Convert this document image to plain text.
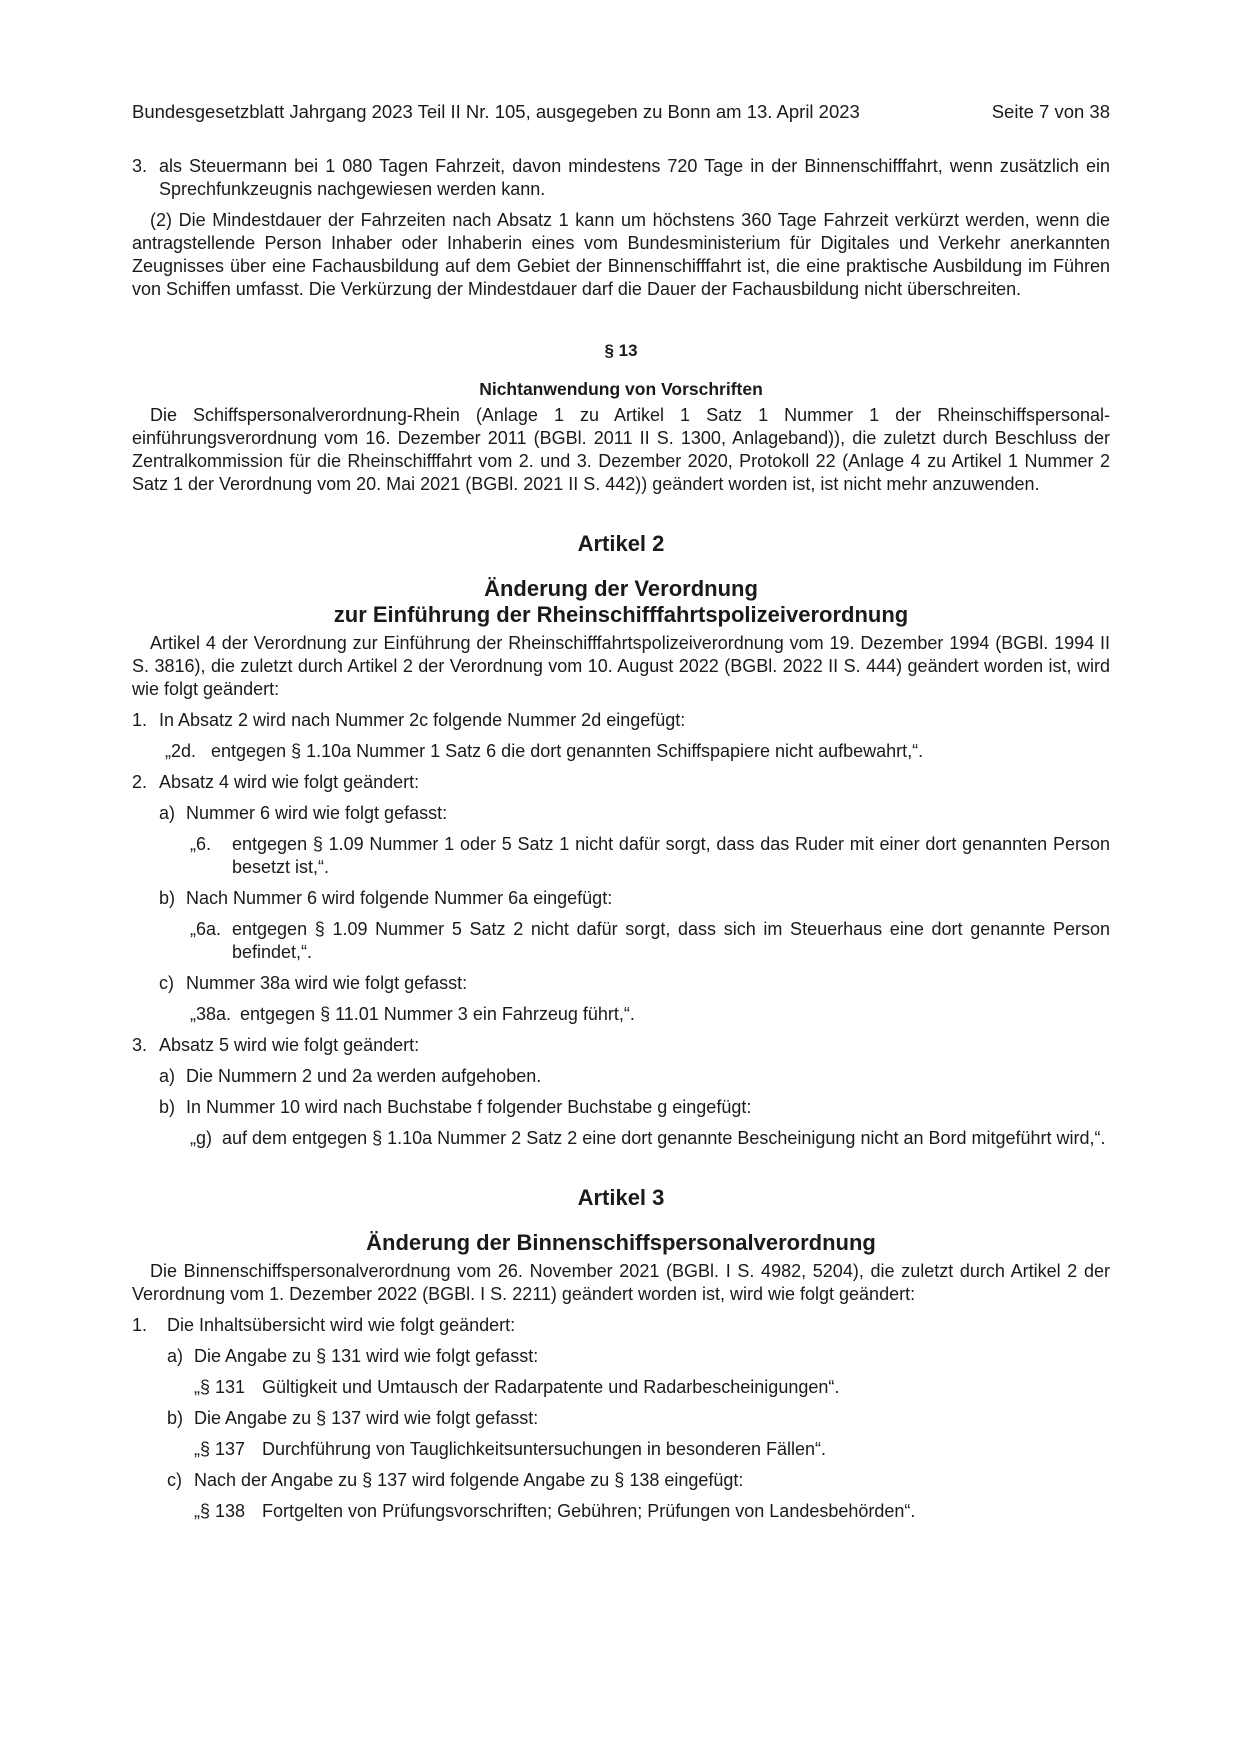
Bundesgesetzblatt Jahrgang 2023 Teil II Nr. 105, ausgegeben zu Bonn am 13. April 2023	Seite 7 von 38
3. als Steuermann bei 1 080 Tagen Fahrzeit, davon mindestens 720 Tage in der Binnenschifffahrt, wenn zusätzlich ein Sprechfunkzeugnis nachgewiesen werden kann.

(2) Die Mindestdauer der Fahrzeiten nach Absatz 1 kann um höchstens 360 Tage Fahrzeit verkürzt werden, wenn die antragstellende Person Inhaber oder Inhaberin eines vom Bundesministerium für Digitales und Verkehr anerkannten Zeugnisses über eine Fachausbildung auf dem Gebiet der Binnenschifffahrt ist, die eine praktische Ausbildung im Führen von Schiffen umfasst. Die Verkürzung der Mindestdauer darf die Dauer der Fachausbildung nicht überschreiten.

§ 13

Nichtanwendung von Vorschriften

Die Schiffspersonalverordnung-Rhein (Anlage 1 zu Artikel 1 Satz 1 Nummer 1 der Rheinschiffspersonaleinführungsverordnung vom 16. Dezember 2011 (BGBl. 2011 II S. 1300, Anlageband)), die zuletzt durch Beschluss der Zentralkommission für die Rheinschifffahrt vom 2. und 3. Dezember 2020, Protokoll 22 (Anlage 4 zu Artikel 1 Nummer 2 Satz 1 der Verordnung vom 20. Mai 2021 (BGBl. 2021 II S. 442)) geändert worden ist, ist nicht mehr anzuwenden.

Artikel 2

Änderung der Verordnung

zur Einführung der Rheinschifffahrtspolizeiverordnung

Artikel 4 der Verordnung zur Einführung der Rheinschifffahrtspolizeiverordnung vom 19. Dezember 1994 (BGBl. 1994 II S. 3816), die zuletzt durch Artikel 2 der Verordnung vom 10. August 2022 (BGBl. 2022 II S. 444) geändert worden ist, wird wie folgt geändert:

1. In Absatz 2 wird nach Nummer 2c folgende Nummer 2d eingefügt:
„2d. entgegen § 1.10a Nummer 1 Satz 6 die dort genannten Schiffspapiere nicht aufbewahrt,“.
2. Absatz 4 wird wie folgt geändert:
a) Nummer 6 wird wie folgt gefasst:
„6.	entgegen § 1.09 Nummer 1 oder 5 Satz 1 nicht dafür sorgt, dass das Ruder mit einer dort genannten Person besetzt ist,“.
b) Nach Nummer 6 wird folgende Nummer 6a eingefügt:
„6a. entgegen § 1.09 Nummer 5 Satz 2 nicht dafür sorgt, dass sich im Steuerhaus eine dort genannte Person befindet,“.
c) Nummer 38a wird wie folgt gefasst:
„38a. entgegen § 11.01 Nummer 3 ein Fahrzeug führt,“.
3. Absatz 5 wird wie folgt geändert:
a) Die Nummern 2 und 2a werden aufgehoben.
b) In Nummer 10 wird nach Buchstabe f folgender Buchstabe g eingefügt:
„g) auf dem entgegen § 1.10a Nummer 2 Satz 2 eine dort genannte Bescheinigung nicht an Bord mitgeführt wird,“.

Artikel 3

Änderung der Binnenschiffspersonalverordnung

Die Binnenschiffspersonalverordnung vom 26. November 2021 (BGBl. I S. 4982, 5204), die zuletzt durch Artikel 2 der Verordnung vom 1. Dezember 2022 (BGBl. I S. 2211) geändert worden ist, wird wie folgt geändert:

1.	Die Inhaltsübersicht wird wie folgt geändert:
a) Die Angabe zu § 131 wird wie folgt gefasst:
„§ 131 Gültigkeit und Umtausch der Radarpatente und Radarbescheinigungen“.
b) Die Angabe zu § 137 wird wie folgt gefasst:
„§ 137 Durchführung von Tauglichkeitsuntersuchungen in besonderen Fällen“.
c) Nach der Angabe zu § 137 wird folgende Angabe zu § 138 eingefügt:
„§ 138 Fortgelten von Prüfungsvorschriften; Gebühren; Prüfungen von Landesbehörden“.
